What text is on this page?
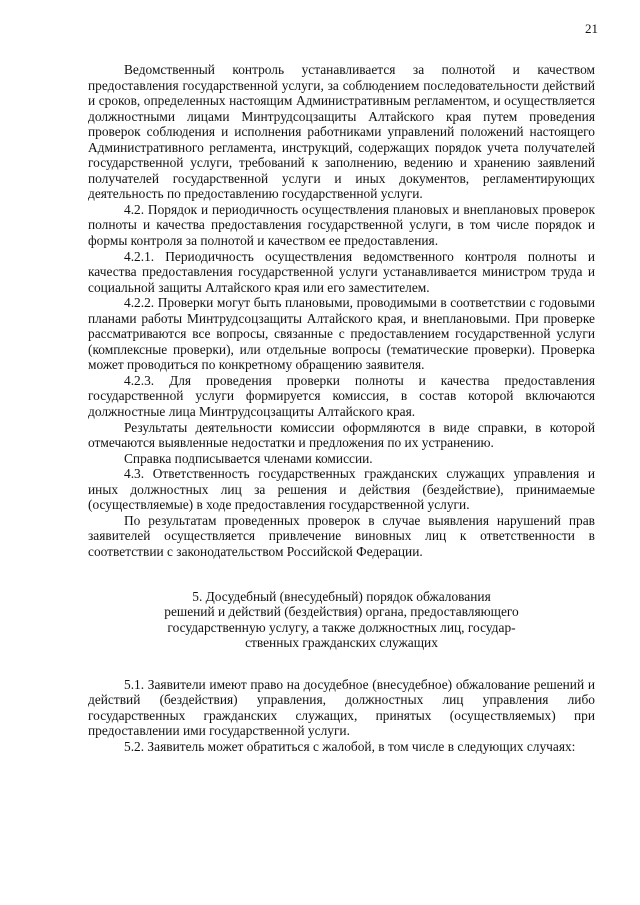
21

Ведомственный контроль устанавливается за полнотой и качеством предоставления государственной услуги, за соблюдением последовательности действий и сроков, определенных настоящим Административным регламентом, и осуществляется должностными лицами Минтрудсоцзащиты Алтайского края путем проведения проверок соблюдения и исполнения работниками управлений положений настоящего Административного регламента, инструкций, содержащих порядок учета получателей государственной услуги, требований к заполнению, ведению и хранению заявлений получателей государственной услуги и иных документов, регламентирующих деятельность по предоставлению государственной услуги.

4.2. Порядок и периодичность осуществления плановых и внеплановых проверок полноты и качества предоставления государственной услуги, в том числе порядок и формы контроля за полнотой и качеством ее предоставления.

4.2.1. Периодичность осуществления ведомственного контроля полноты и качества предоставления государственной услуги устанавливается министром труда и социальной защиты Алтайского края или его заместителем.

4.2.2. Проверки могут быть плановыми, проводимыми в соответствии с годовыми планами работы Минтрудсоцзащиты Алтайского края, и внеплановыми. При проверке рассматриваются все вопросы, связанные с предоставлением государственной услуги (комплексные проверки), или отдельные вопросы (тематические проверки). Проверка может проводиться по конкретному обращению заявителя.

4.2.3. Для проведения проверки полноты и качества предоставления государственной услуги формируется комиссия, в состав которой включаются должностные лица Минтрудсоцзащиты Алтайского края.

Результаты деятельности комиссии оформляются в виде справки, в которой отмечаются выявленные недостатки и предложения по их устранению.

Справка подписывается членами комиссии.

4.3. Ответственность государственных гражданских служащих управления и иных должностных лиц за решения и действия (бездействие), принимаемые (осуществляемые) в ходе предоставления государственной услуги.

По результатам проведенных проверок в случае выявления нарушений прав заявителей осуществляется привлечение виновных лиц к ответственности в соответствии с законодательством Российской Федерации.

5. Досудебный (внесудебный) порядок обжалования
решений и действий (бездействия) органа, предоставляющего
государственную услугу, а также должностных лиц, государ-
ственных гражданских служащих

5.1. Заявители имеют право на досудебное (внесудебное) обжалование решений и действий (бездействия) управления, должностных лиц управления либо государственных гражданских служащих, принятых (осуществляемых) при предоставлении ими государственной услуги.

5.2. Заявитель может обратиться с жалобой, в том числе в следующих случаях:
